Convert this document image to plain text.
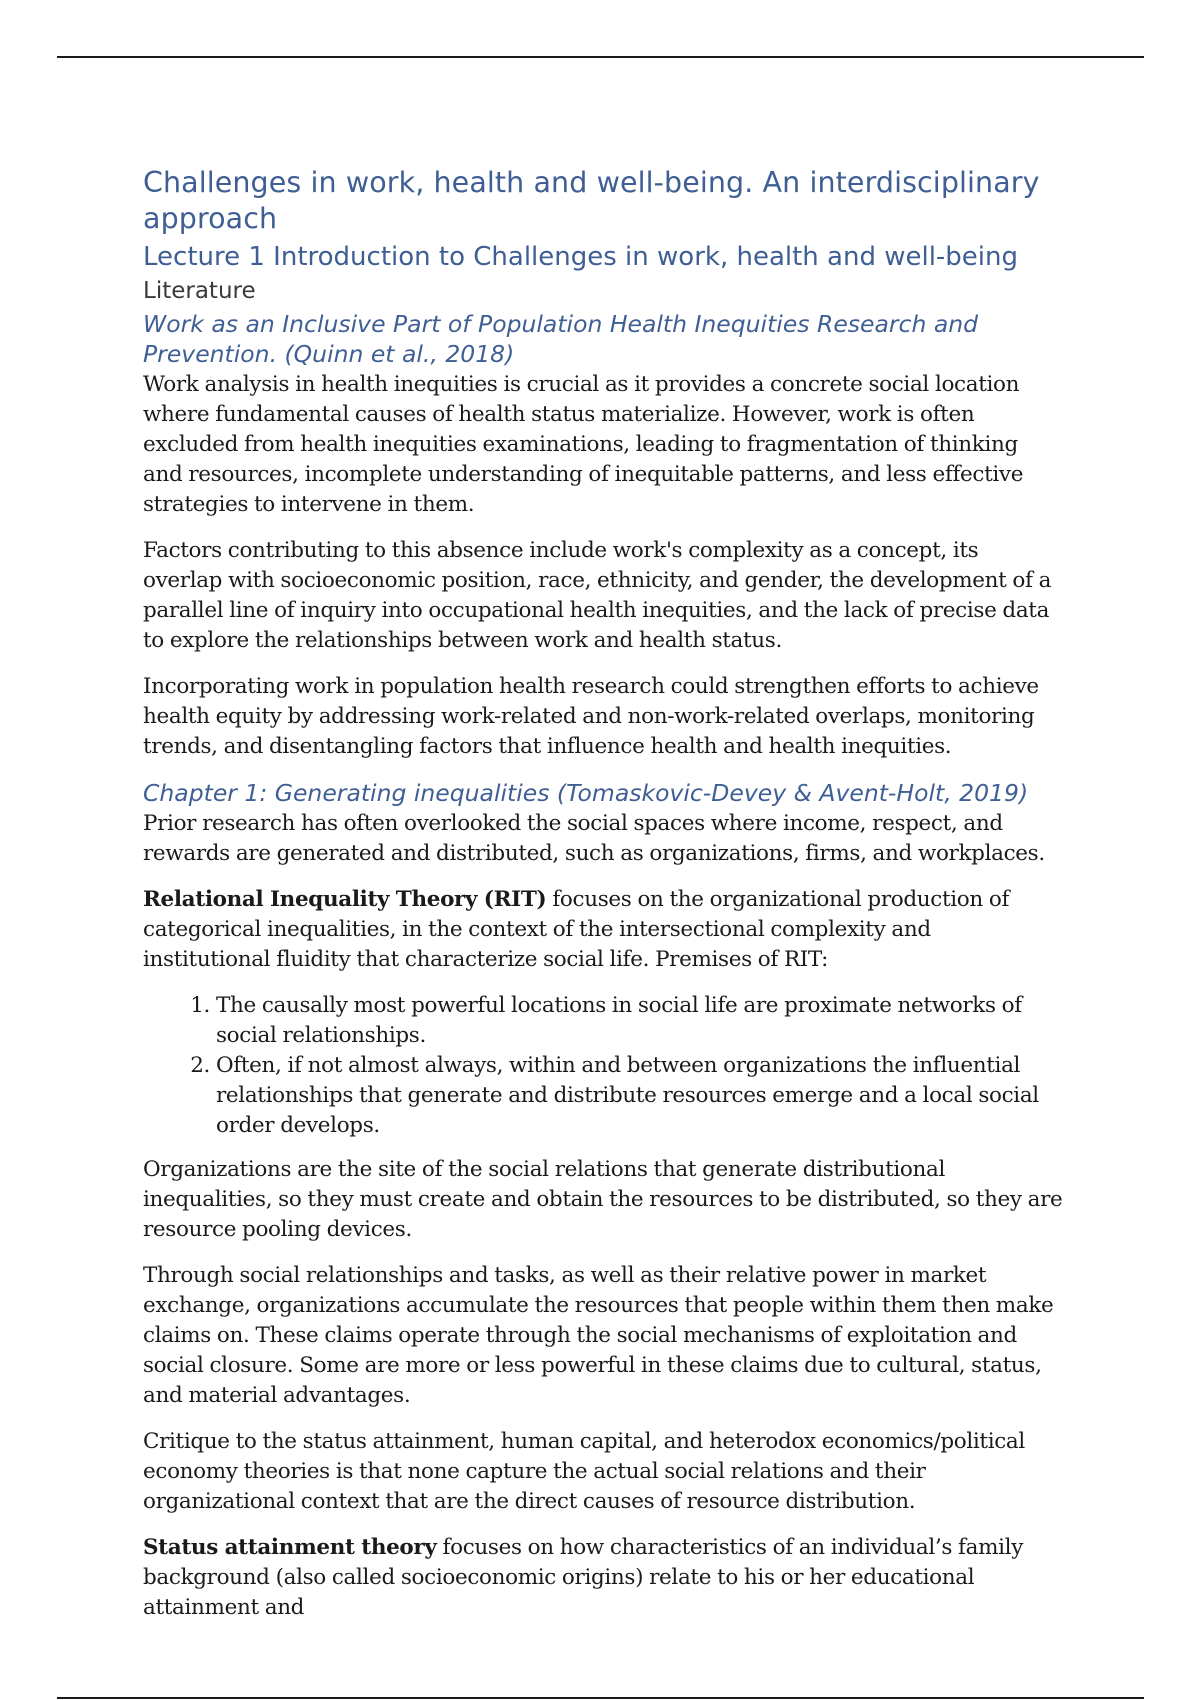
Challenges in work, health and well-being. An interdisciplinary approach
Lecture 1 Introduction to Challenges in work, health and well-being
Literature
Work as an Inclusive Part of Population Health Inequities Research and Prevention. (Quinn et al., 2018)

Work analysis in health inequities is crucial as it provides a concrete social location where fundamental causes of health status materialize. However, work is often excluded from health inequities examinations, leading to fragmentation of thinking and resources, incomplete understanding of inequitable patterns, and less effective strategies to intervene in them.

Factors contributing to this absence include work's complexity as a concept, its overlap with socioeconomic position, race, ethnicity, and gender, the development of a parallel line of inquiry into occupational health inequities, and the lack of precise data to explore the relationships between work and health status.

Incorporating work in population health research could strengthen efforts to achieve health equity by addressing work-related and non-work-related overlaps, monitoring trends, and disentangling factors that influence health and health inequities.

Chapter 1: Generating inequalities (Tomaskovic-Devey & Avent-Holt, 2019)

Prior research has often overlooked the social spaces where income, respect, and rewards are generated and distributed, such as organizations, firms, and workplaces.

Relational Inequality Theory (RIT) focuses on the organizational production of categorical inequalities, in the context of the intersectional complexity and institutional fluidity that characterize social life. Premises of RIT:

1. The causally most powerful locations in social life are proximate networks of social relationships.
2. Often, if not almost always, within and between organizations the influential relationships that generate and distribute resources emerge and a local social order develops.

Organizations are the site of the social relations that generate distributional inequalities, so they must create and obtain the resources to be distributed, so they are resource pooling devices.

Through social relationships and tasks, as well as their relative power in market exchange, organizations accumulate the resources that people within them then make claims on. These claims operate through the social mechanisms of exploitation and social closure. Some are more or less powerful in these claims due to cultural, status, and material advantages.

Critique to the status attainment, human capital, and heterodox economics/political economy theories is that none capture the actual social relations and their organizational context that are the direct causes of resource distribution.

Status attainment theory focuses on how characteristics of an individual’s family background (also called socioeconomic origins) relate to his or her educational attainment and
